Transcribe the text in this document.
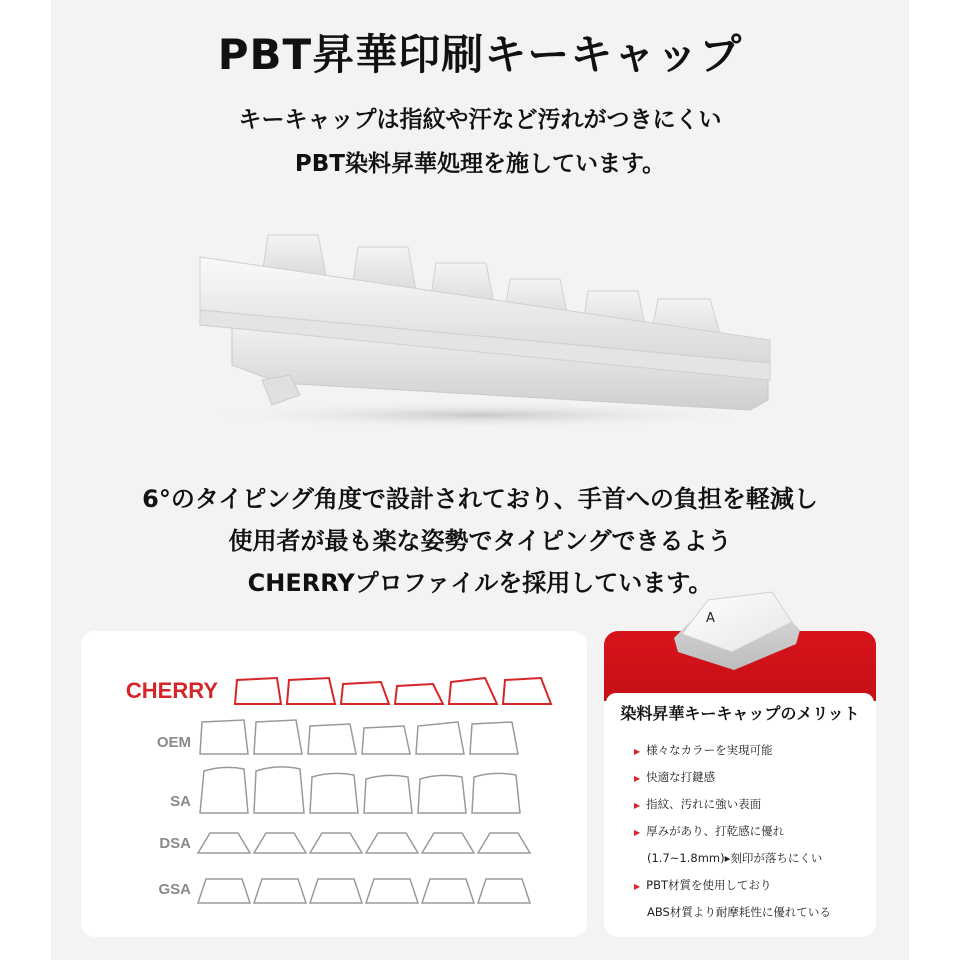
PBT昇華印刷キーキャップ
キーキャップは指紋や汗など汚れがつきにくい
PBT染料昇華処理を施しています。
6°のタイピング角度で設計されており、手首への負担を軽減し
使用者が最も楽な姿勢でタイピングできるよう
CHERRYプロファイルを採用しています。
CHERRY
OEM
SA
DSA
GSA
染料昇華キーキャップのメリット
▶ 様々なカラーを実現可能
▶ 快適な打鍵感
▶ 指紋、汚れに強い表面
▶ 厚みがあり、打乾感に優れ
(1.7~1.8mm)▸刻印が落ちにくい
▶ PBT材質を使用しており
ABS材質より耐摩耗性に優れている
A
